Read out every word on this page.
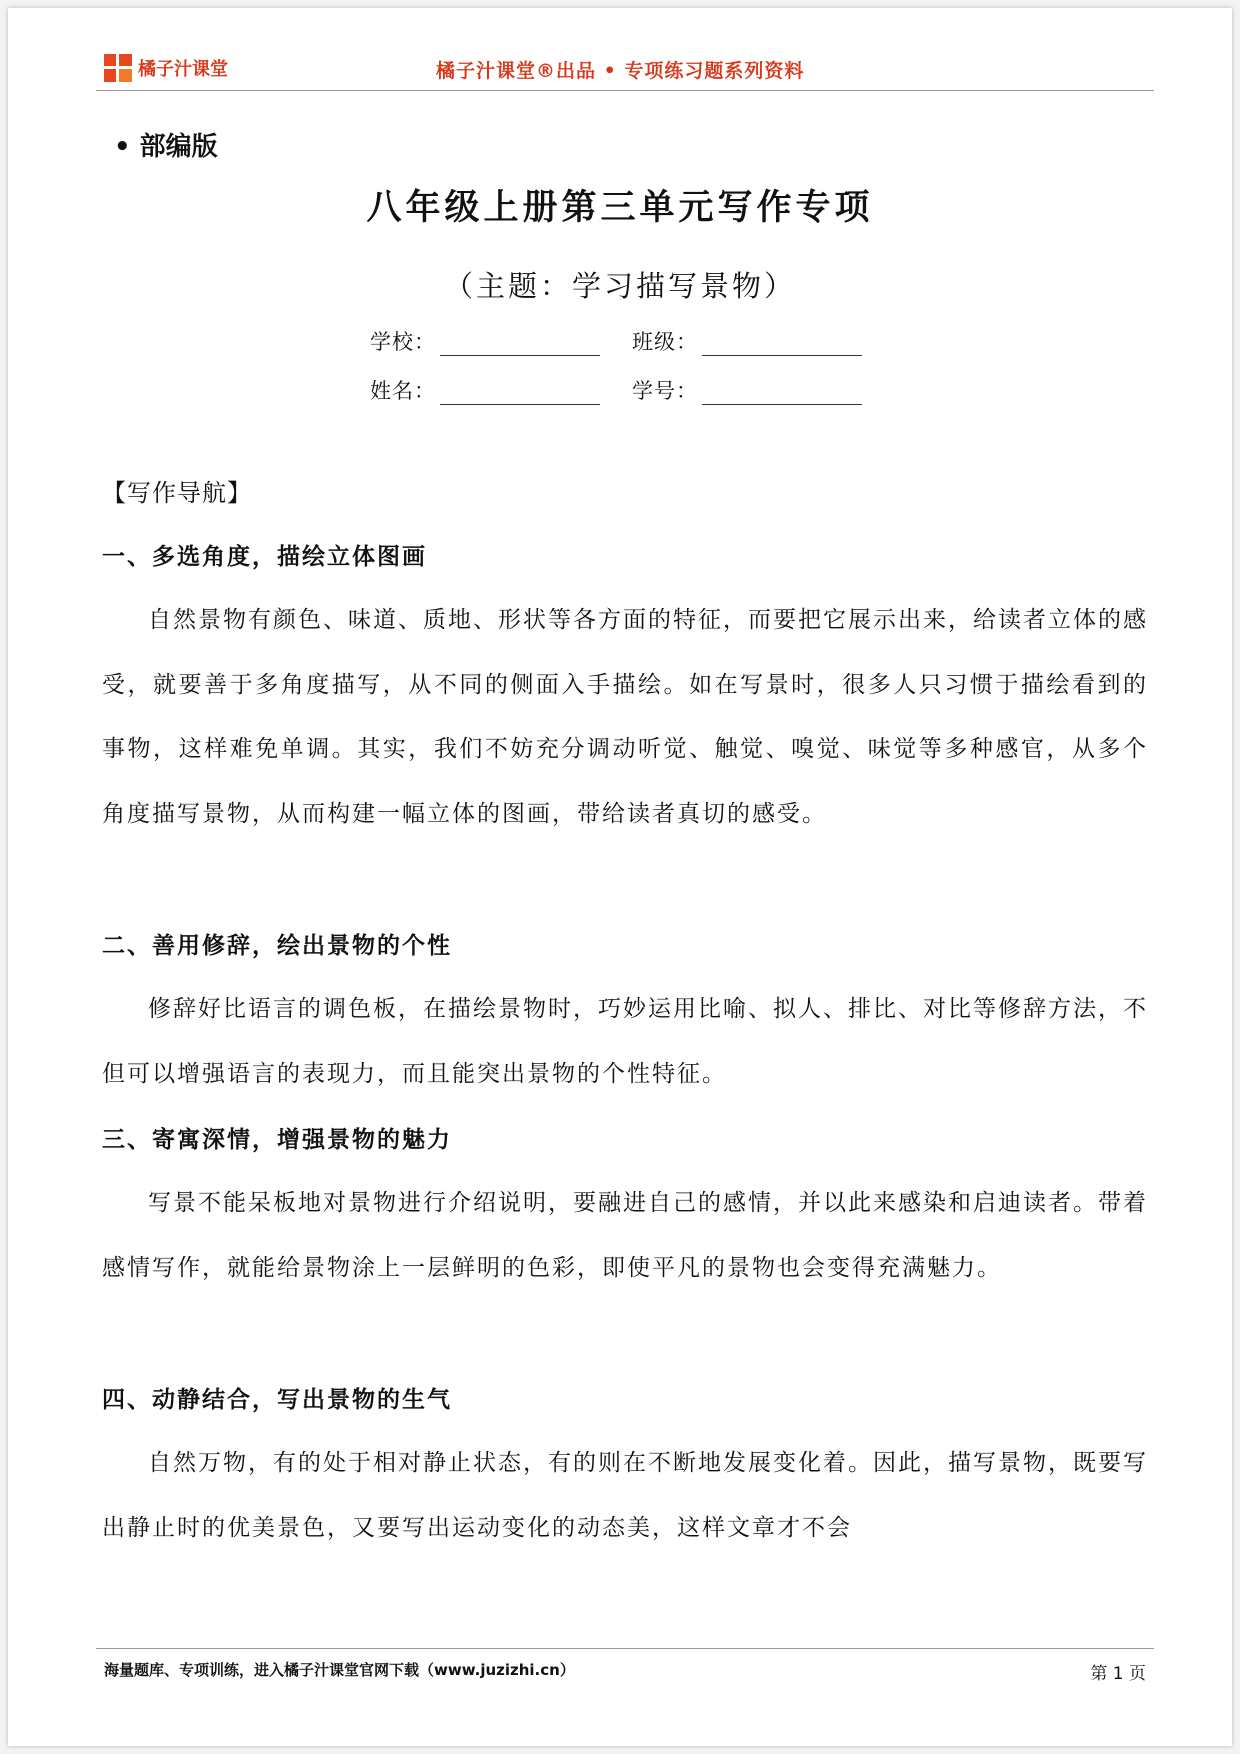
橘子汁课堂	橘子汁课堂®出品 • 专项练习题系列资料
• 部编版
八年级上册第三单元写作专项
（主题：学习描写景物）
学校：	班级：
姓名：	学号：
【写作导航】
一、多选角度，描绘立体图画

自然景物有颜色、味道、质地、形状等各方面的特征，而要把它展示出来，给读者立体的感受，就要善于多角度描写，从不同的侧面入手描绘。如在写景时，很多人只习惯于描绘看到的事物，这样难免单调。其实，我们不妨充分调动听觉、触觉、嗅觉、味觉等多种感官，从多个角度描写景物，从而构建一幅立体的图画，带给读者真切的感受。

二、善用修辞，绘出景物的个性

修辞好比语言的调色板，在描绘景物时，巧妙运用比喻、拟人、排比、对比等修辞方法，不但可以增强语言的表现力，而且能突出景物的个性特征。

三、寄寓深情，增强景物的魅力

写景不能呆板地对景物进行介绍说明，要融进自己的感情，并以此来感染和启迪读者。带着感情写作，就能给景物涂上一层鲜明的色彩，即使平凡的景物也会变得充满魅力。

四、动静结合，写出景物的生气

自然万物，有的处于相对静止状态，有的则在不断地发展变化着。因此，描写景物，既要写出静止时的优美景色，又要写出运动变化的动态美，这样文章才不会

海量题库、专项训练，进入橘子汁课堂官网下载（www.juzizhi.cn）	第 1 页
